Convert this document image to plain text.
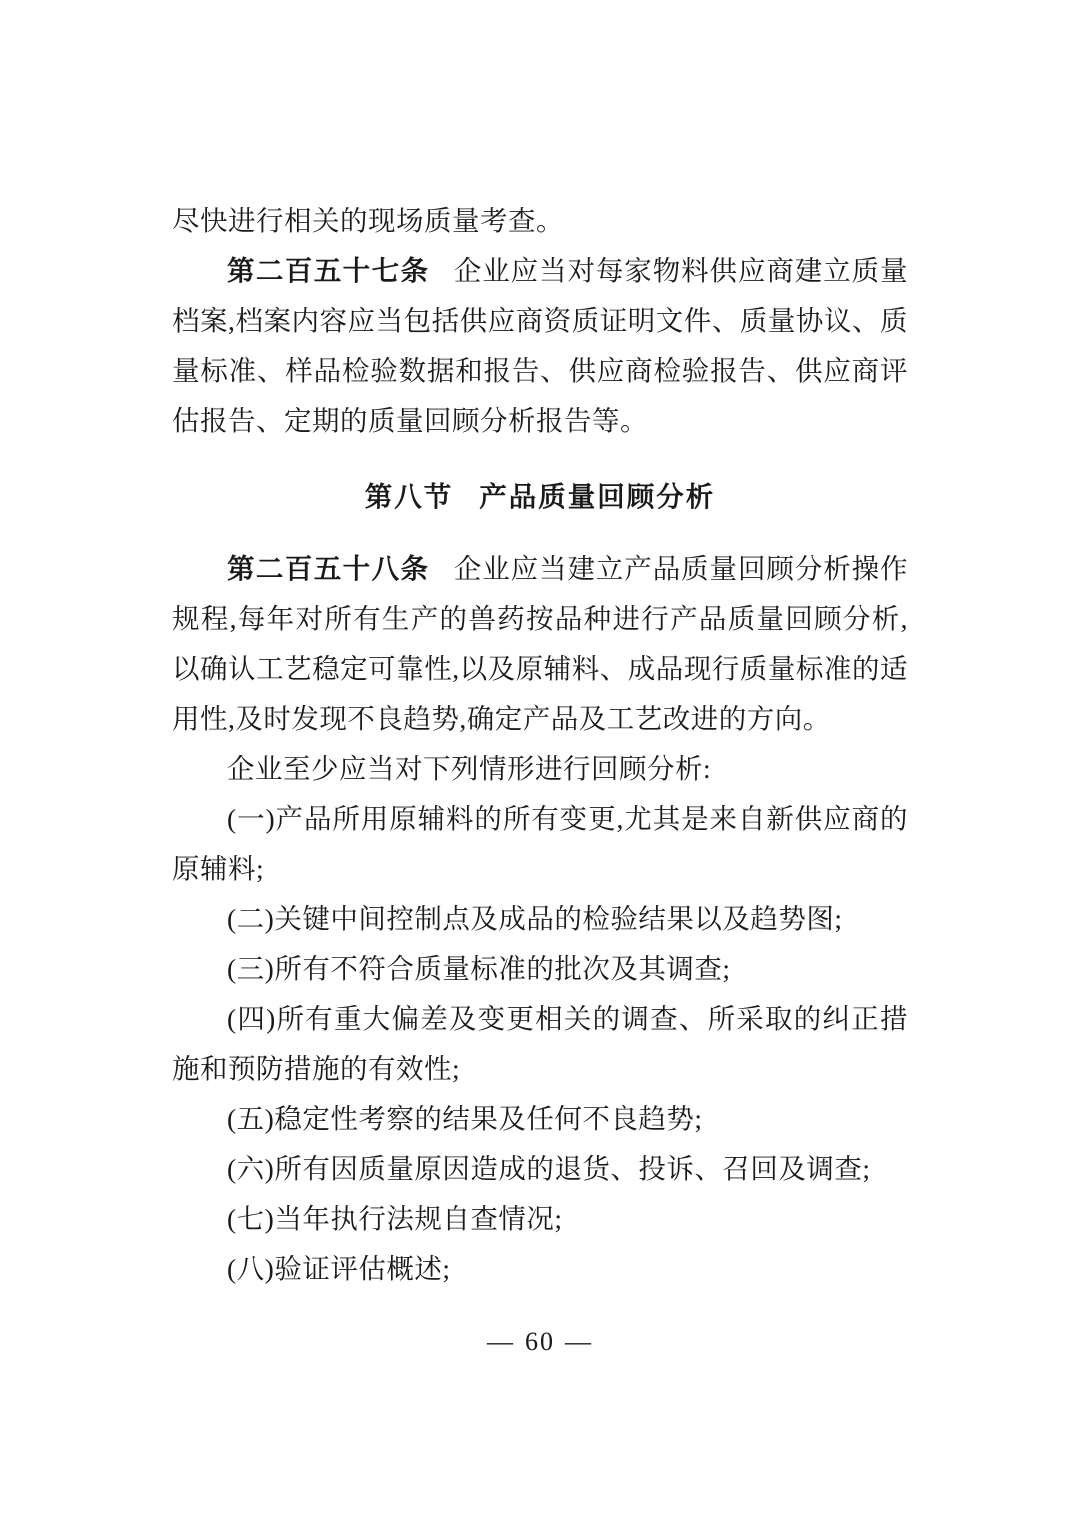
尽快进行相关的现场质量考查。

第二百五十七条 企业应当对每家物料供应商建立质量档案,档案内容应当包括供应商资质证明文件、质量协议、质量标准、样品检验数据和报告、供应商检验报告、供应商评估报告、定期的质量回顾分析报告等。

第八节 产品质量回顾分析

第二百五十八条 企业应当建立产品质量回顾分析操作规程,每年对所有生产的兽药按品种进行产品质量回顾分析,以确认工艺稳定可靠性,以及原辅料、成品现行质量标准的适用性,及时发现不良趋势,确定产品及工艺改进的方向。

企业至少应当对下列情形进行回顾分析:

(一)产品所用原辅料的所有变更,尤其是来自新供应商的原辅料;

(二)关键中间控制点及成品的检验结果以及趋势图;

(三)所有不符合质量标准的批次及其调查;

(四)所有重大偏差及变更相关的调查、所采取的纠正措施和预防措施的有效性;

(五)稳定性考察的结果及任何不良趋势;

(六)所有因质量原因造成的退货、投诉、召回及调查;

(七)当年执行法规自查情况;

(八)验证评估概述;

— 60 —
